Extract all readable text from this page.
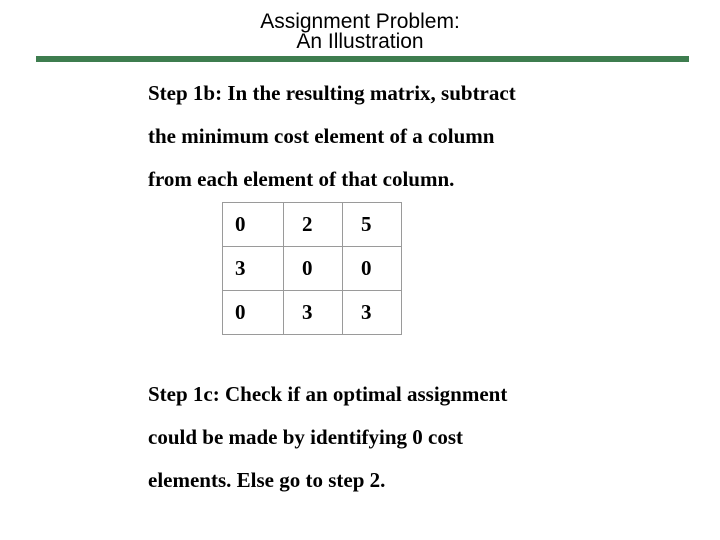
Assignment Problem:
An Illustration
Step 1b: In the resulting matrix, subtract
the minimum cost element of a column
from each element of that column.
0	2	5
3	0	0
0	3	3
Step 1c: Check if an optimal assignment
could be made by identifying 0 cost
elements. Else go to step 2.
